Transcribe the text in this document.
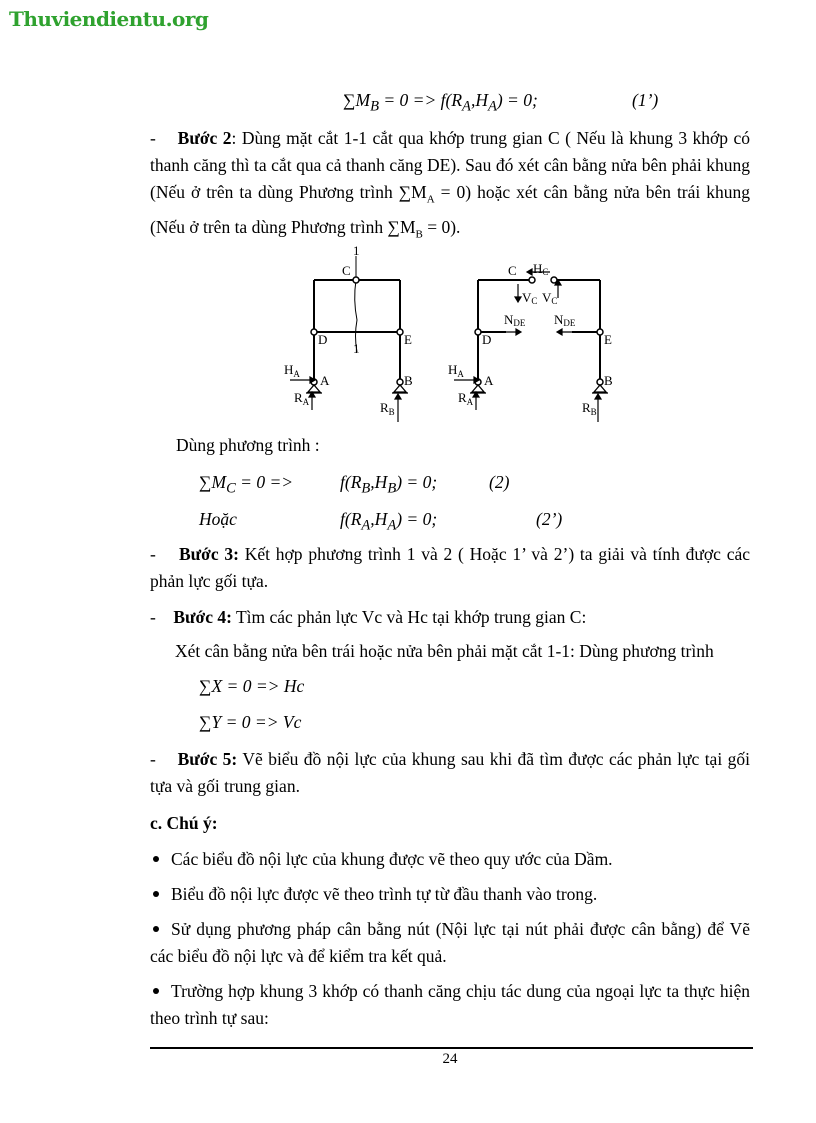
Thuviendientu.org
$\sum M_B = 0 => f(R_A,H_A) = 0$;	(1’)
- Bước 2: Dùng mặt cắt 1-1 cắt qua khớp trung gian C ( Nếu là khung 3 khớp có thanh căng thì ta cắt qua cả thanh căng DE). Sau đó xét cân bằng nửa bên phải khung (Nếu ở trên ta dùng Phương trình $\sum M_A = 0$) hoặc xét cân bằng nửa bên trái khung (Nếu ở trên ta dùng Phương trình $\sum M_B = 0$).
1
1
C
D	E
A	B
$H_A$
$R_A$	$R_B$
C HC
VC VC
NDE NDE
D	E
A	B
$H_A$
$R_A$	$R_B$
Dùng phương trình :
$\sum M_C = 0$ =>	$f(R_B,H_B) = 0$;	(2)
Hoặc	$f(R_A,H_A) = 0$;	(2’)
- Bước 3: Kết hợp phương trình 1 và 2 ( Hoặc 1’ và 2’) ta giải và tính được các phản lực gối tựa.
- Bước 4: Tìm các phản lực Vc và Hc tại khớp trung gian C:
Xét cân bằng nửa bên trái hoặc nửa bên phải mặt cắt 1-1: Dùng phương trình
∑X = 0 => Hc
∑Y = 0 => Vc
- Bước 5: Vẽ biểu đồ nội lực của khung sau khi đã tìm được các phản lực tại gối tựa và gối trung gian.
c. Chú ý:
Các biểu đồ nội lực của khung được vẽ theo quy ước của Dầm.
Biểu đồ nội lực được vẽ theo trình tự từ đầu thanh vào trong.
Sử dụng phương pháp cân bằng nút (Nội lực tại nút phải được cân bằng) để Vẽ các biểu đồ nội lực và để kiểm tra kết quả.
Trường hợp khung 3 khớp có thanh căng chịu tác dung của ngoại lực ta thực hiện theo trình tự sau:
24
